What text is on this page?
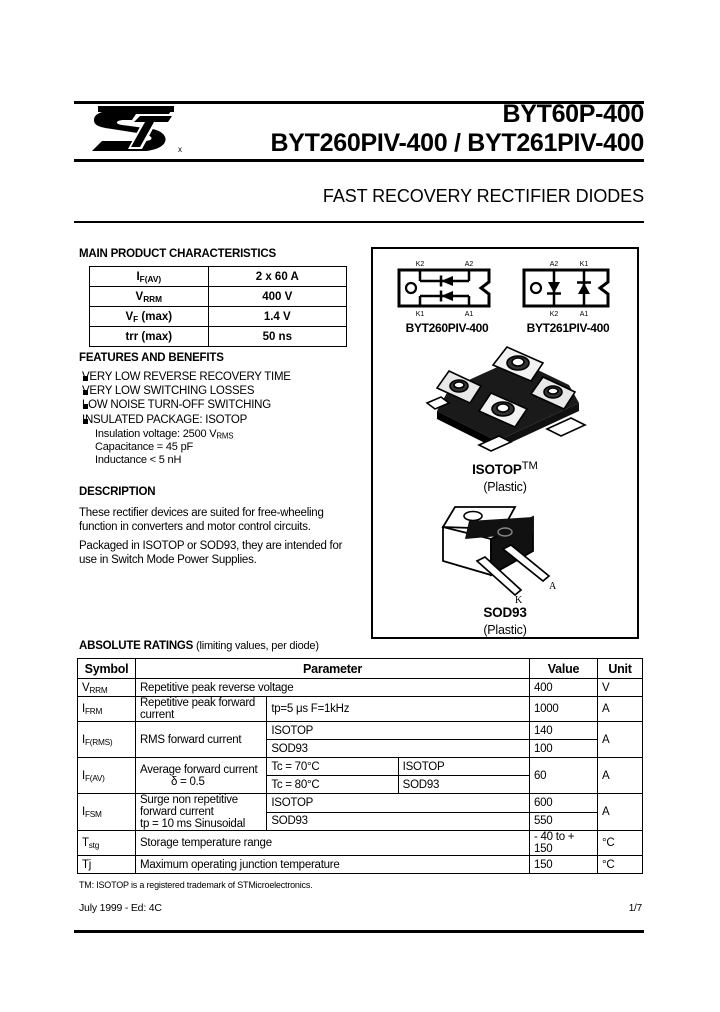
x
BYT60P-400
BYT260PIV-400 / BYT261PIV-400
FAST RECOVERY RECTIFIER DIODES
MAIN PRODUCT CHARACTERISTICS
$I_{F(AV)}$	2 x 60 A
$V_{RRM}$	400 V
$V_F$ (max)	1.4 V
trr (max)	50 ns
FEATURES AND BENEFITS
VERY LOW REVERSE RECOVERY TIME
VERY LOW SWITCHING LOSSES
LOW NOISE TURN-OFF SWITCHING
INSULATED PACKAGE: ISOTOP
Insulation voltage: 2500 $V_{RMS}$
Capacitance = 45 pF
Inductance < 5 nH
DESCRIPTION
These rectifier devices are suited for free-wheeling function in converters and motor control circuits.
Packaged in ISOTOP or SOD93, they are intended for use in Switch Mode Power Supplies.
K2	A2
K1	A1
BYT260PIV-400
A2	K1
K2	A1
BYT261PIV-400
ISOTOP™
(Plastic)
K
A
SOD93
(Plastic)
ABSOLUTE RATINGS (limiting values, per diode)
Symbol	Parameter			Value	Unit
$V_{RRM}$	Repetitive peak reverse voltage			400	V
$I_{FRM}$	Repetitive peak forward current	tp=5 μs F=1kHz		1000	A
$I_{F(RMS)}$	RMS forward current	ISOTOP		140	A
		SOD93		100	
$I_{F(AV)}$	Average forward current  δ = 0.5	Tc = 70°C	ISOTOP	60	A
		Tc = 80°C	SOD93		
$I_{FSM}$	Surge non repetitive forward current
tp = 10 ms Sinusoidal	ISOTOP		600	A
		SOD93		550	
$T_{stg}$	Storage temperature range			- 40 to + 150	°C
Tj	Maximum operating junction temperature			150	°C
TM: ISOTOP is a registered trademark of STMicroelectronics.
July 1999 - Ed: 4C	1/7
